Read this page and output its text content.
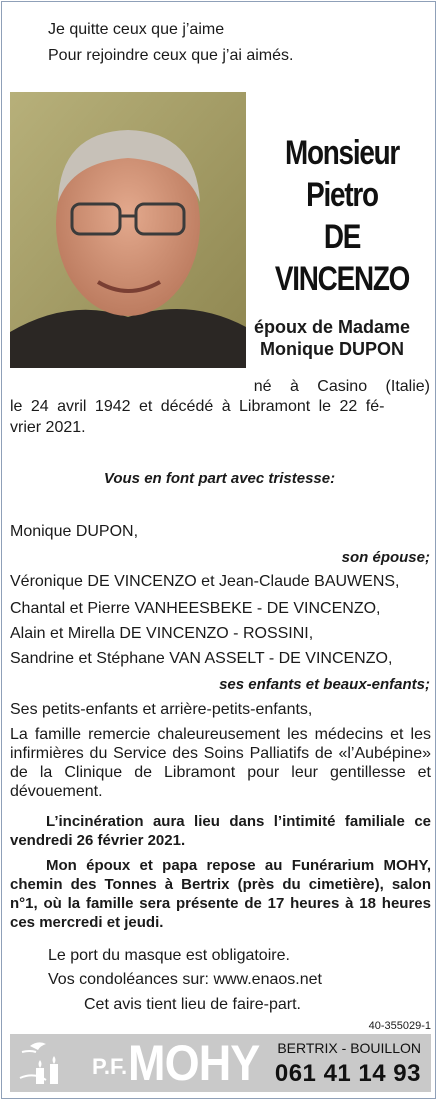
Je quitte ceux que j’aime
Pour rejoindre ceux que j’ai aimés.
Monsieur
Pietro
DE
VINCENZO
époux de Madame
Monique DUPON
né à Casino (Italie)
le 24 avril 1942 et décédé à Libramont le 22 fé-
vrier 2021.
Vous en font part avec tristesse:
Monique DUPON,
son épouse;
Véronique DE VINCENZO et Jean-Claude BAUWENS,
Chantal et Pierre VANHEESBEKE - DE VINCENZO,
Alain et Mirella DE VINCENZO - ROSSINI,
Sandrine et Stéphane VAN ASSELT - DE VINCENZO,
ses enfants et beaux-enfants;
Ses petits-enfants et arrière-petits-enfants,
La famille remercie chaleureusement les médecins et les infirmières du Service des Soins Palliatifs de «l’Aubépine» de la Clinique de Libramont pour leur gentillesse et dévouement.
L’incinération aura lieu dans l’intimité familiale ce vendredi 26 février 2021.
Mon époux et papa repose au Funérarium MOHY, chemin des Tonnes à Bertrix (près du cimetière), salon n°1, où la famille sera présente de 17 heures à 18 heures ces mercredi et jeudi.
Le port du masque est obligatoire.
Vos condoléances sur: www.enaos.net
Cet avis tient lieu de faire-part.
40-355029-1
P.F. MOHY BERTRIX - BOUILLON
061 41 14 93
